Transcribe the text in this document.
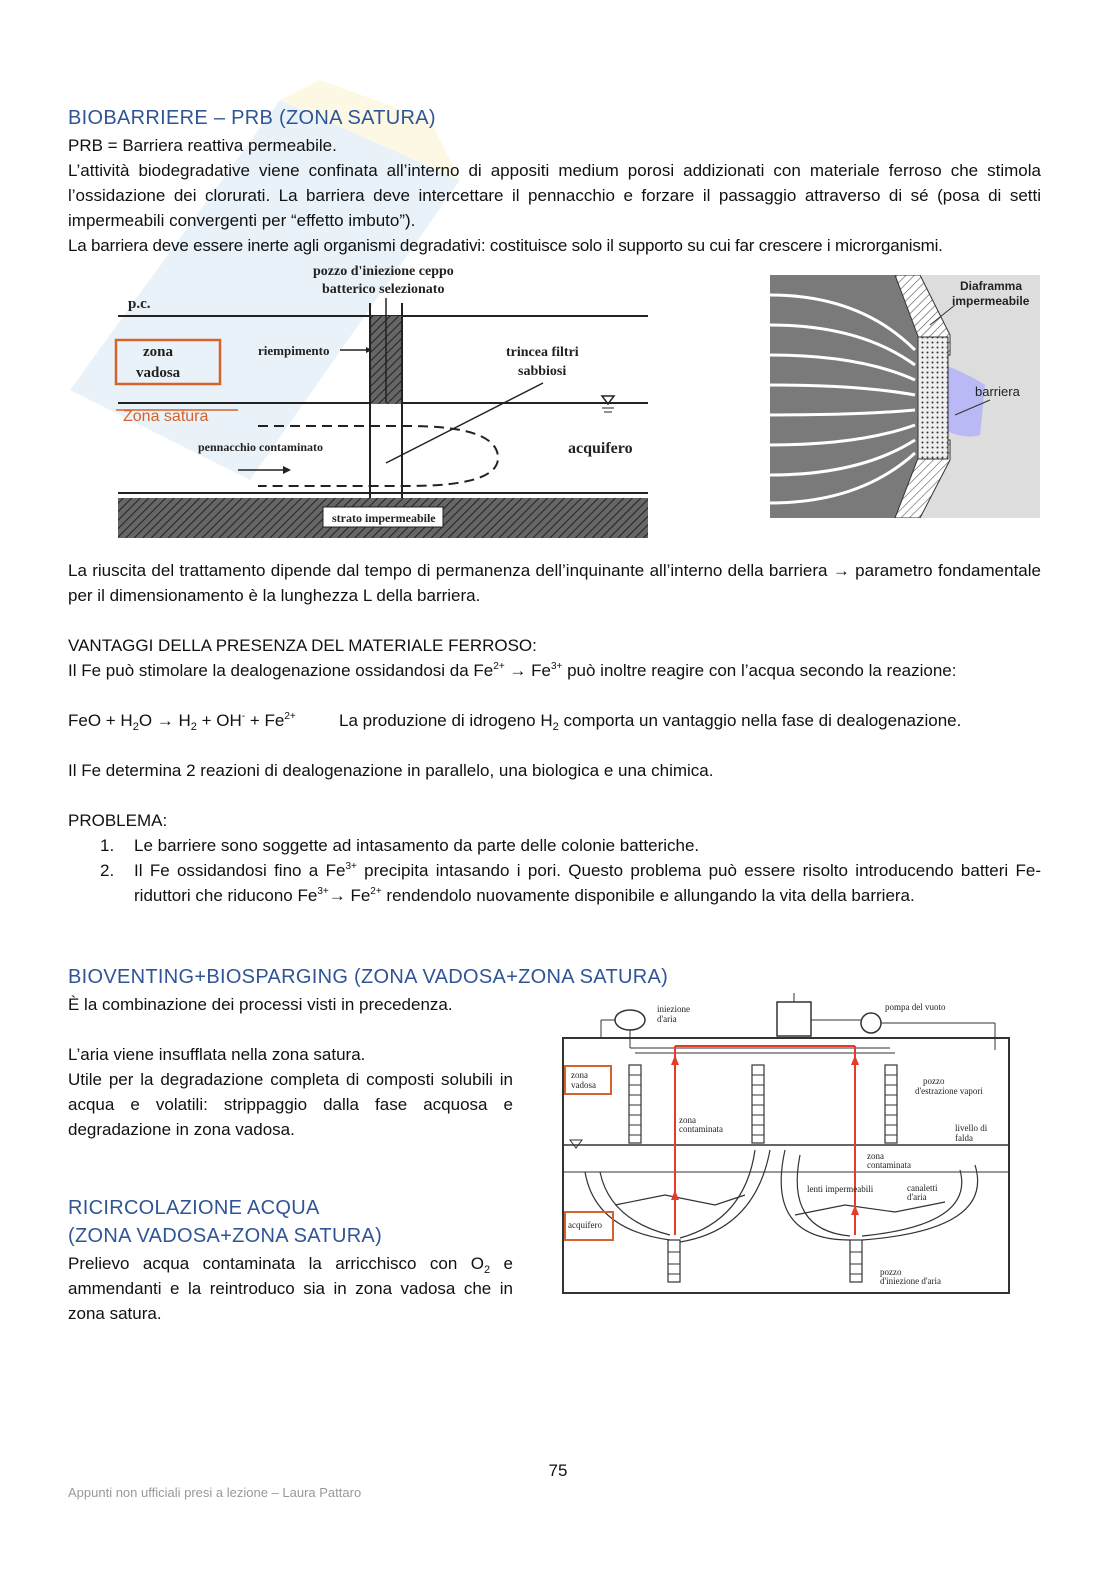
BIOBARRIERE – PRB (ZONA SATURA)
PRB = Barriera reattiva permeabile.
L’attività biodegradative viene confinata all’interno di appositi medium porosi addizionati con materiale ferroso che stimola l’ossidazione dei clorurati. La barriera deve intercettare il pennacchio e forzare il passaggio attraverso di sé (posa di setti impermeabili convergenti per “effetto imbuto”).
La barriera deve essere inerte agli organismi degradativi: costituisce solo il supporto su cui far crescere i microrganismi.
p.c.
zona
vadosa
pozzo d'iniezione ceppo
batterico selezionato
riempimento	trincea filtri
sabbiosi
pennacchio contaminato	acquifero
strato impermeabile
Zona satura
Diaframma
impermeabile
barriera
La riuscita del trattamento dipende dal tempo di permanenza dell’inquinante all’interno della barriera → parametro fondamentale per il dimensionamento è la lunghezza L della barriera.
VANTAGGI DELLA PRESENZA DEL MATERIALE FERROSO:
Il Fe può stimolare la dealogenazione ossidandosi da $Fe^{2+} \to Fe^{3+}$ può inoltre reagire con l’acqua secondo la reazione:
FeO + $H_2O \to H_2 + OH^- + Fe^{2+}$	La produzione di idrogeno $H_2$ comporta un vantaggio nella fase di dealogenazione.
Il Fe determina 2 reazioni di dealogenazione in parallelo, una biologica e una chimica.
PROBLEMA:
1. Le barriere sono soggette ad intasamento da parte delle colonie batteriche.
2. Il Fe ossidandosi fino a $Fe^{3+}$ precipita intasando i pori. Questo problema può essere risolto introducendo batteri Fe-riduttori che riducono $Fe^{3+}\to Fe^{2+}$ rendendolo nuovamente disponibile e allungando la vita della barriera.
BIOVENTING+BIOSPARGING (ZONA VADOSA+ZONA SATURA)
È la combinazione dei processi visti in precedenza.
L’aria viene insufflata nella zona satura.
Utile per la degradazione completa di composti solubili in acqua e volatili: strippaggio dalla fase acquosa e degradazione in zona vadosa.
RICIRCOLAZIONE ACQUA
(ZONA VADOSA+ZONA SATURA)
Prelievo acqua contaminata la arricchisco con $O_2$ e ammendanti e la reintroduco sia in zona vadosa che in zona satura.
iniezione
d'aria
pompa del vuoto
zona
vadosa	pozzo
d'estrazione vapori
zona
contaminata	livello di
falda
zona
contaminata
lenti impermeabili	canaletti
d'aria
acquifero
pozzo
d'iniezione d'aria
75
Appunti non ufficiali presi a lezione – Laura Pattaro
